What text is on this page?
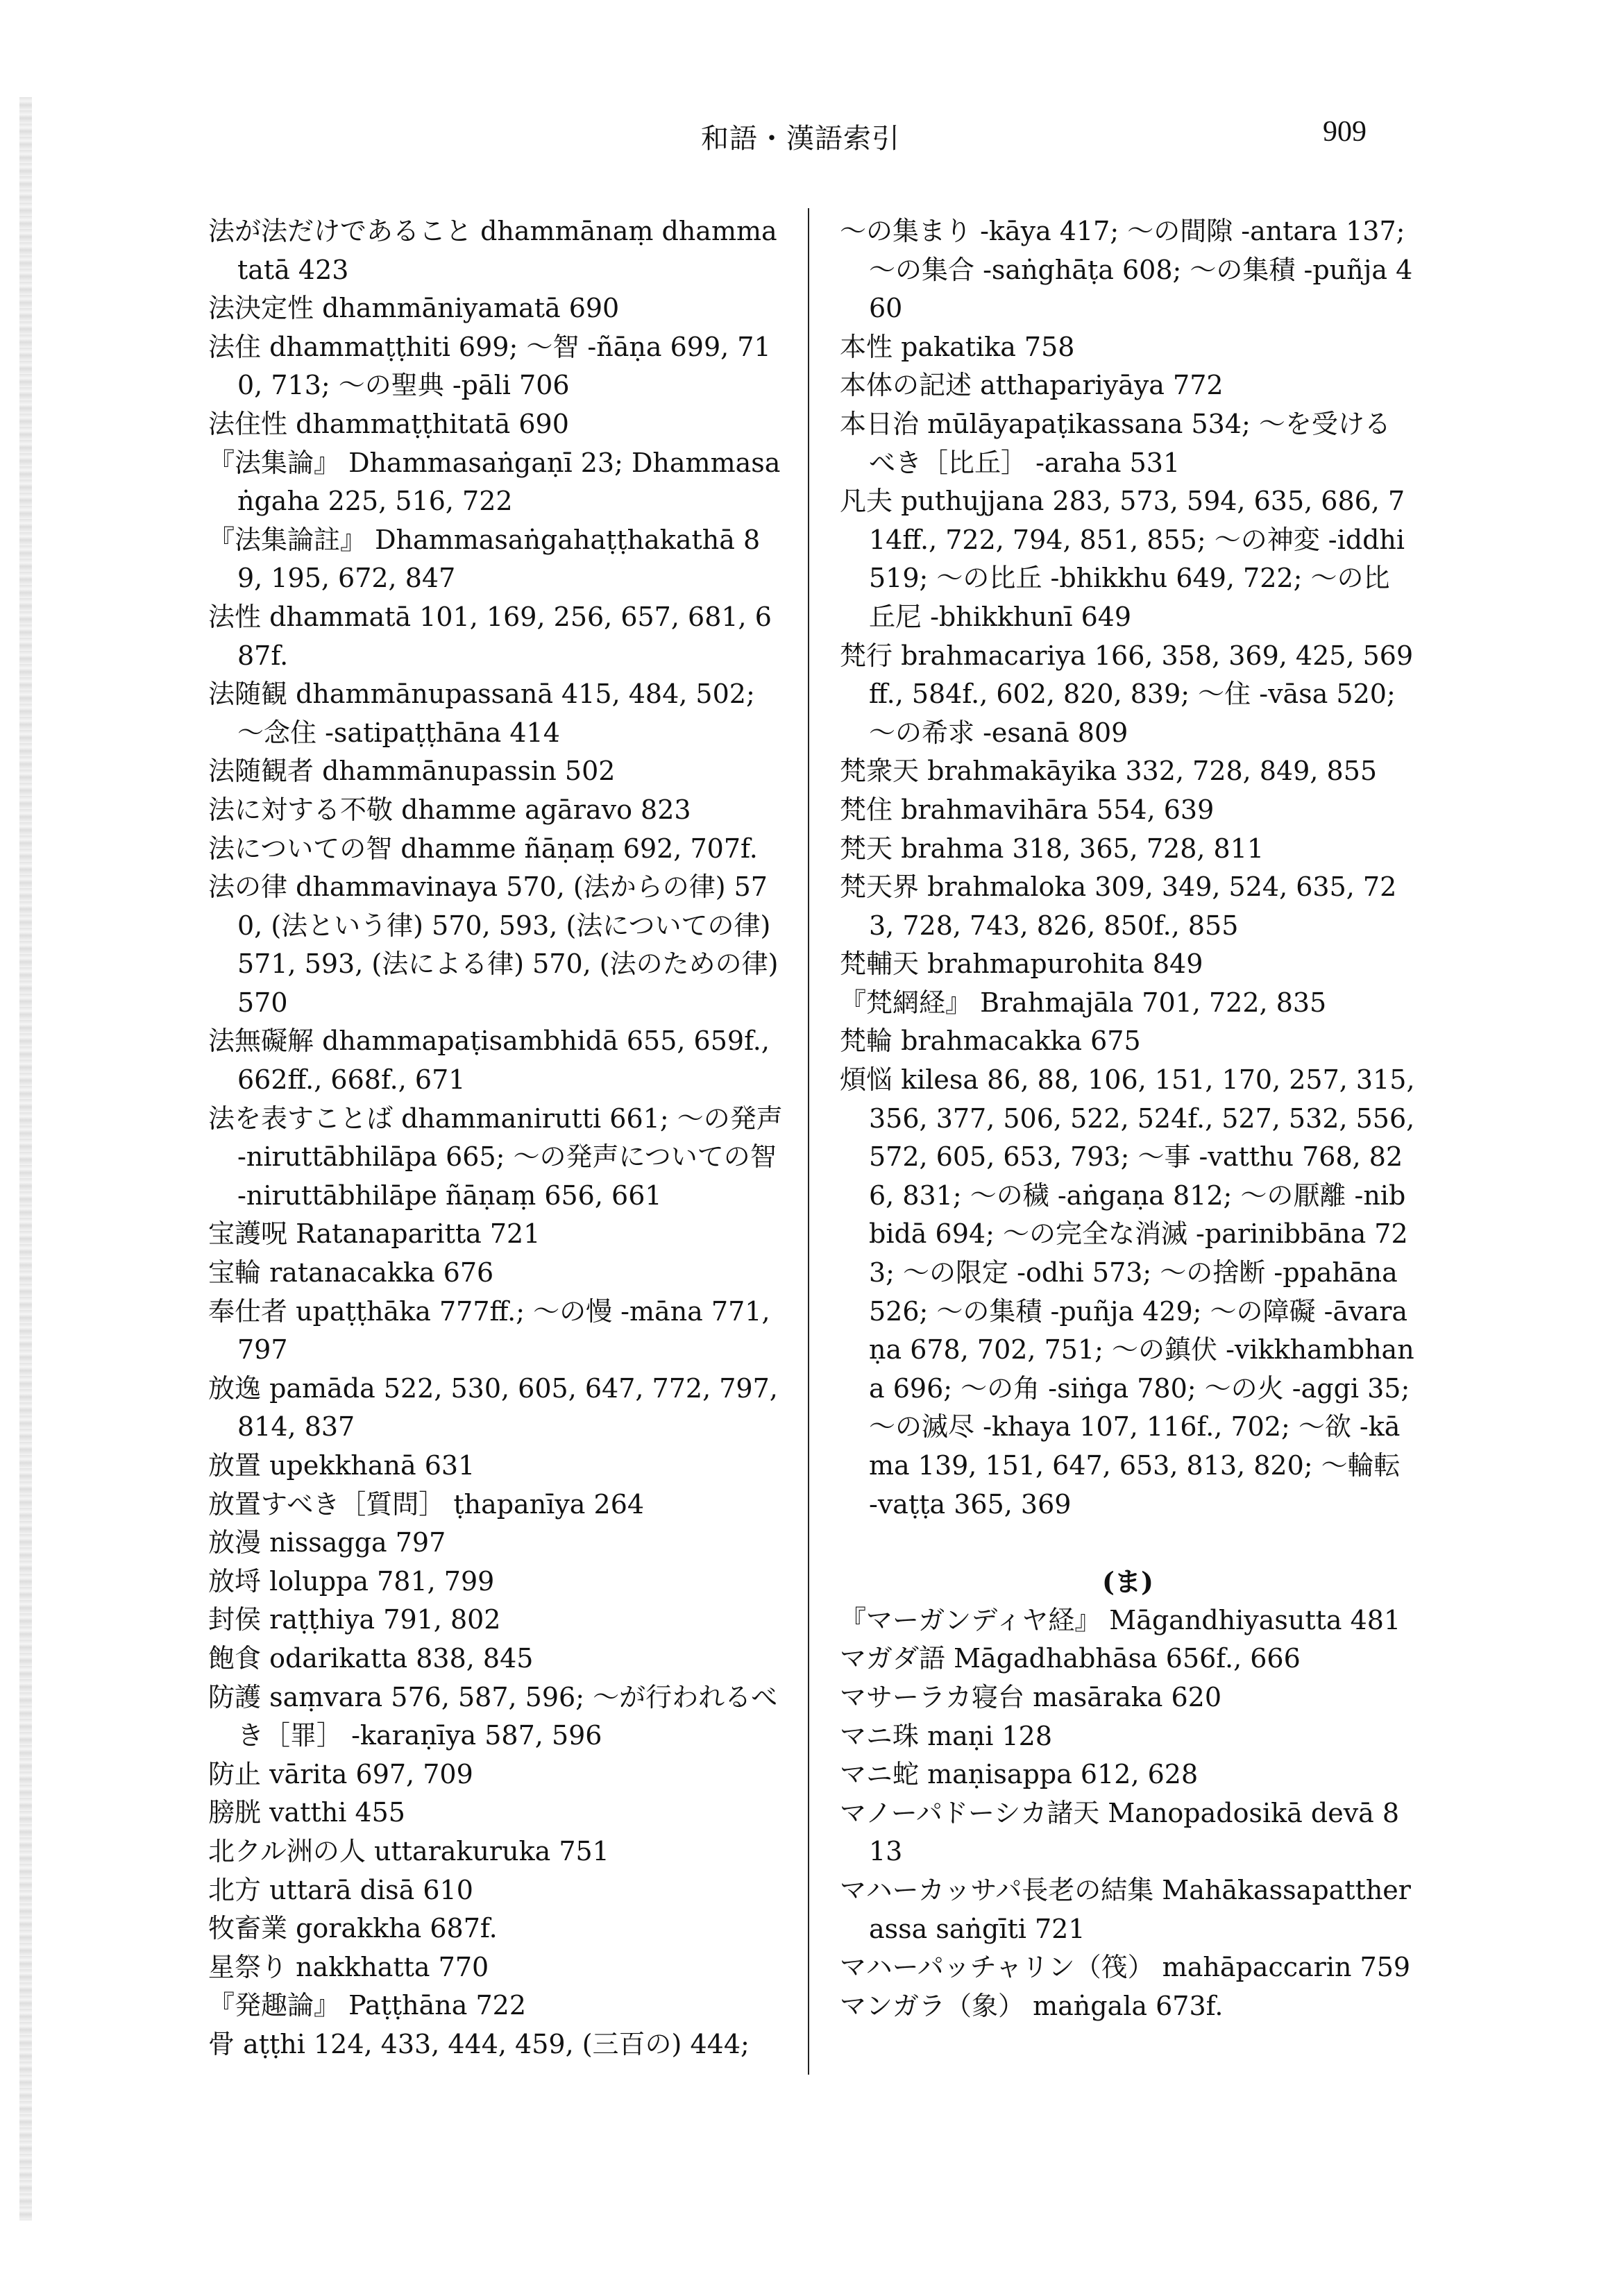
和語・漢語索引	909
法が法だけであること dhammānaṃ dhammatatā 423
法決定性 dhammāniyamatā 690
法住 dhammaṭṭhiti 699; 〜智 -ñāṇa 699, 710, 713; 〜の聖典 -pāli 706
法住性 dhammaṭṭhitatā 690
『法集論』 Dhammasaṅgaṇī 23; Dhammasaṅgaha 225, 516, 722
『法集論註』 Dhammasaṅgahaṭṭhakathā 89, 195, 672, 847
法性 dhammatā 101, 169, 256, 657, 681, 687f.
法随観 dhammānupassanā 415, 484, 502; 〜念住 -satipaṭṭhāna 414
法随観者 dhammānupassin 502
法に対する不敬 dhamme agāravo 823
法についての智 dhamme ñāṇaṃ 692, 707f.
法の律 dhammavinaya 570, (法からの律) 570, (法という律) 570, 593, (法についての律) 571, 593, (法による律) 570, (法のための律) 570
法無礙解 dhammapaṭisambhidā 655, 659f., 662ff., 668f., 671
法を表すことば dhammanirutti 661; 〜の発声 -niruttābhilāpa 665; 〜の発声についての智 -niruttābhilāpe ñāṇaṃ 656, 661
宝護呪 Ratanaparitta 721
宝輪 ratanacakka 676
奉仕者 upaṭṭhāka 777ff.; 〜の慢 -māna 771, 797
放逸 pamāda 522, 530, 605, 647, 772, 797, 814, 837
放置 upekkhanā 631
放置すべき［質問］ ṭhapanīya 264
放漫 nissagga 797
放埒 loluppa 781, 799
封侯 raṭṭhiya 791, 802
飽食 odarikatta 838, 845
防護 saṃvara 576, 587, 596; 〜が行われるべき［罪］ -karaṇīya 587, 596
防止 vārita 697, 709
膀胱 vatthi 455
北クル洲の人 uttarakuruka 751
北方 uttarā disā 610
牧畜業 gorakkha 687f.
星祭り nakkhatta 770
『発趣論』 Paṭṭhāna 722
骨 aṭṭhi 124, 433, 444, 459, (三百の) 444;
〜の集まり -kāya 417; 〜の間隙 -antara 137; 〜の集合 -saṅghāṭa 608; 〜の集積 -puñja 460
本性 pakatika 758
本体の記述 atthapariyāya 772
本日治 mūlāyapaṭikassana 534; 〜を受けるべき［比丘］ -araha 531
凡夫 puthujjana 283, 573, 594, 635, 686, 714ff., 722, 794, 851, 855; 〜の神変 -iddhi 519; 〜の比丘 -bhikkhu 649, 722; 〜の比丘尼 -bhikkhunī 649
梵行 brahmacariya 166, 358, 369, 425, 569ff., 584f., 602, 820, 839; 〜住 -vāsa 520; 〜の希求 -esanā 809
梵衆天 brahmakāyika 332, 728, 849, 855
梵住 brahmavihāra 554, 639
梵天 brahma 318, 365, 728, 811
梵天界 brahmaloka 309, 349, 524, 635, 723, 728, 743, 826, 850f., 855
梵輔天 brahmapurohita 849
『梵網経』 Brahmajāla 701, 722, 835
梵輪 brahmacakka 675
煩悩 kilesa 86, 88, 106, 151, 170, 257, 315, 356, 377, 506, 522, 524f., 527, 532, 556, 572, 605, 653, 793; 〜事 -vatthu 768, 826, 831; 〜の穢 -aṅgaṇa 812; 〜の厭離 -nibbidā 694; 〜の完全な消滅 -parinibbāna 723; 〜の限定 -odhi 573; 〜の捨断 -ppahāna 526; 〜の集積 -puñja 429; 〜の障礙 -āvaraṇa 678, 702, 751; 〜の鎮伏 -vikkhambhana 696; 〜の角 -siṅga 780; 〜の火 -aggi 35; 〜の滅尽 -khaya 107, 116f., 702; 〜欲 -kāma 139, 151, 647, 653, 813, 820; 〜輪転 -vaṭṭa 365, 369
(ま)
『マーガンディヤ経』 Māgandhiyasutta 481
マガダ語 Māgadhabhāsa 656f., 666
マサーラカ寝台 masāraka 620
マニ珠 maṇi 128
マニ蛇 maṇisappa 612, 628
マノーパドーシカ諸天 Manopadosikā devā 813
マハーカッサパ長老の結集 Mahākassapattherassa saṅgīti 721
マハーパッチャリン（筏） mahāpaccarin 759
マンガラ（象） maṅgala 673f.
